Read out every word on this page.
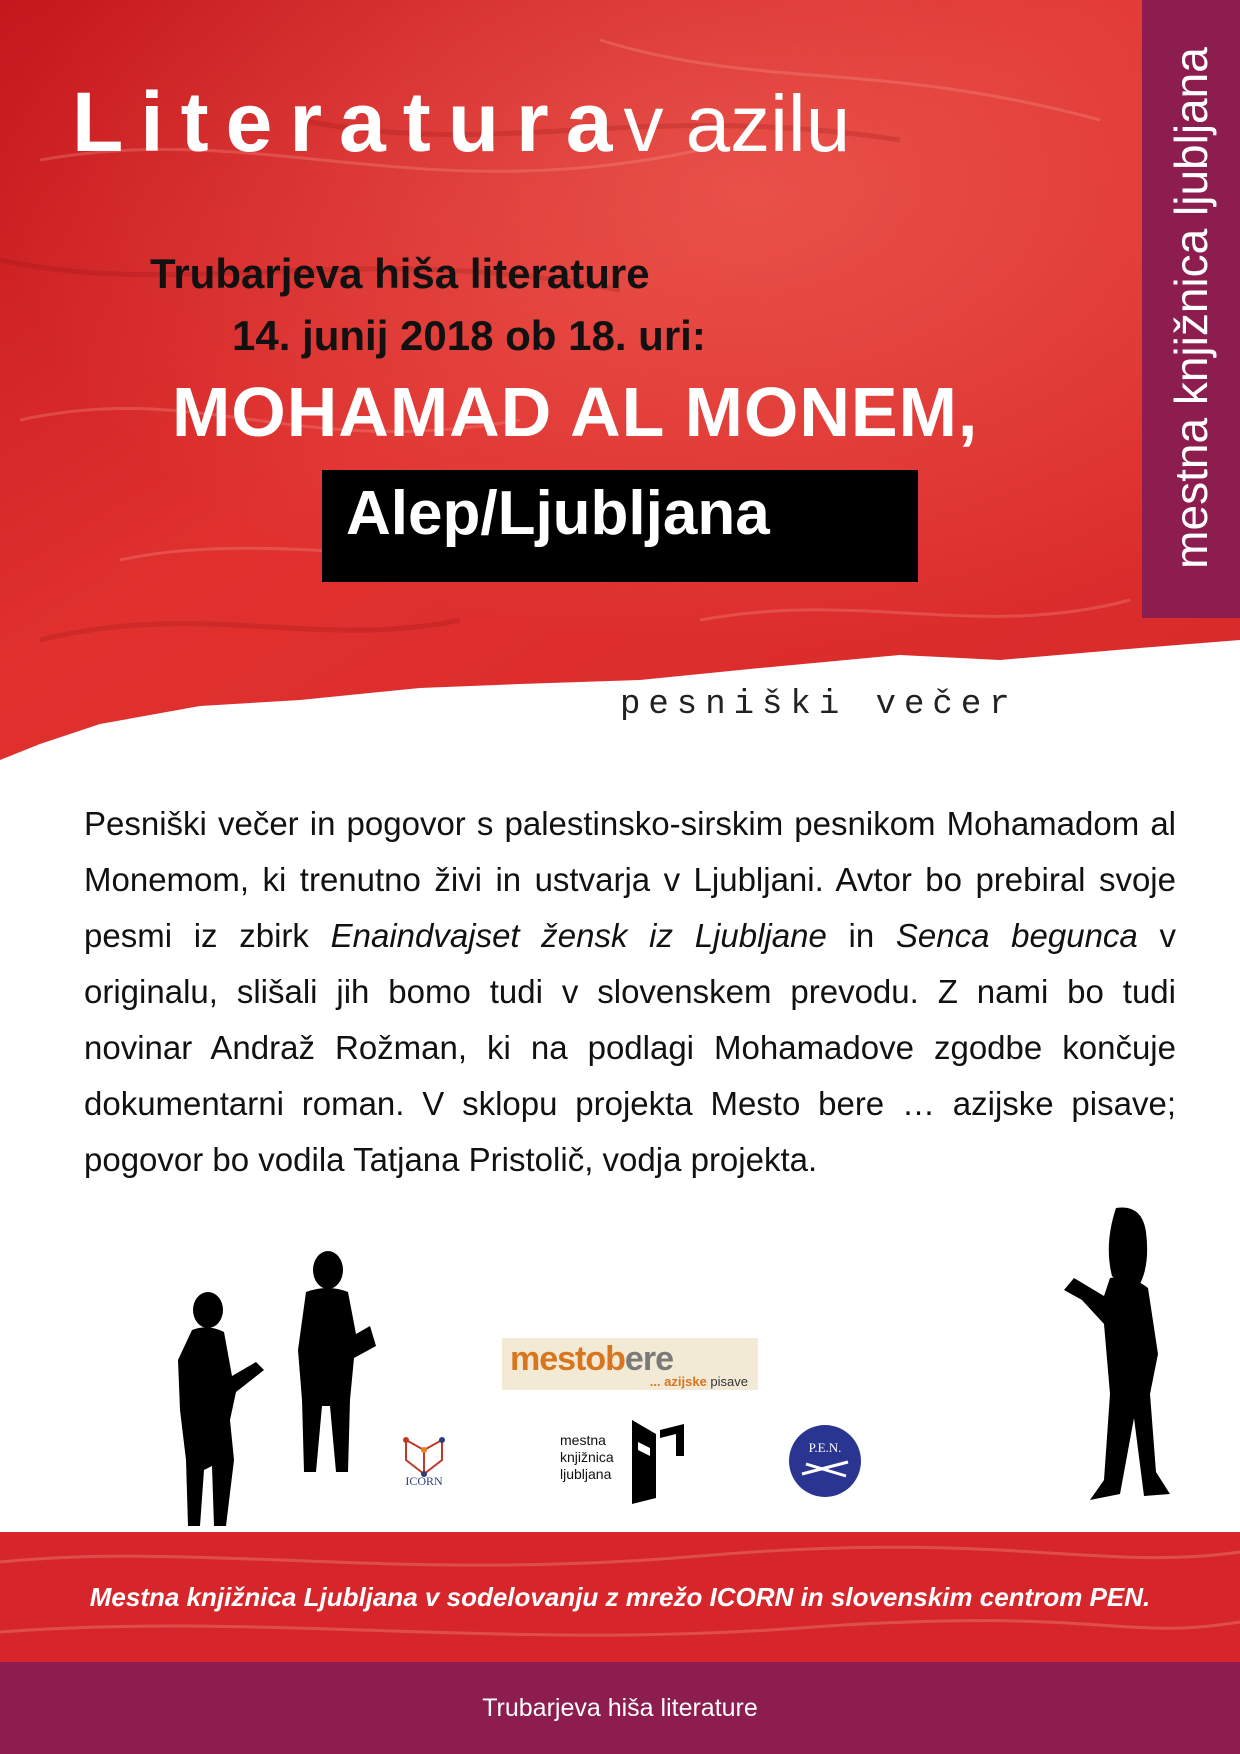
Literaturav azilu
Trubarjeva hiša literature
14. junij 2018 ob 18. uri:
MOHAMAD AL MONEM,
Alep/Ljubljana	mestna knjižnica ljubljana
pesniški večer
Pesniški večer in pogovor s palestinsko-sirskim pesnikom Mohamadom al Monemom, ki trenutno živi in ustvarja v Ljubljani. Avtor bo prebiral svoje pesmi iz zbirk Enaindvajset žensk iz Ljubljane in Senca begunca v originalu, slišali jih bomo tudi v slovenskem prevodu. Z nami bo tudi novinar Andraž Rožman, ki na podlagi Mohamadove zgodbe končuje dokumentarni roman. V sklopu projekta Mesto bere … azijske pisave; pogovor bo vodila Tatjana Pristolič, vodja projekta.
mestobere
... azijske pisave
ICORN
mestna
knjižnica
ljubljana
P.E.N.
Mestna knjižnica Ljubljana v sodelovanju z mrežo ICORN in slovenskim centrom PEN.
Trubarjeva hiša literature
